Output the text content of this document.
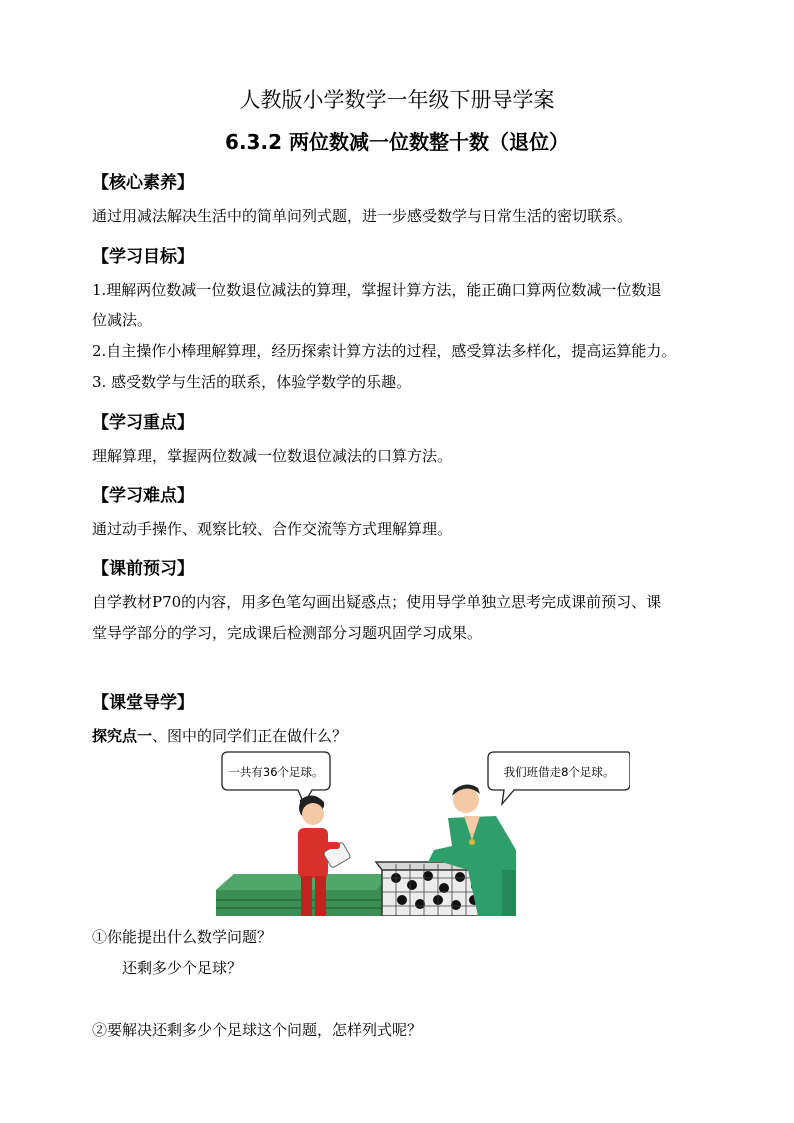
人教版小学数学一年级下册导学案
6.3.2 两位数减一位数整十数（退位）
【核心素养】
通过用减法解决生活中的简单问列式题，进一步感受数学与日常生活的密切联系。
【学习目标】
1.理解两位数减一位数退位减法的算理，掌握计算方法，能正确口算两位数减一位数退
位减法。
2.自主操作小棒理解算理，经历探索计算方法的过程，感受算法多样化，提高运算能力。
3. 感受数学与生活的联系，体验学数学的乐趣。
【学习重点】
理解算理，掌握两位数减一位数退位减法的口算方法。
【学习难点】
通过动手操作、观察比较、合作交流等方式理解算理。
【课前预习】
自学教材P70的内容，用多色笔勾画出疑惑点；使用导学单独立思考完成课前预习、课
堂导学部分的学习，完成课后检测部分习题巩固学习成果。
【课堂导学】
探究点一、图中的同学们正在做什么？
一共有36个足球。	我们班借走8个足球。
①你能提出什么数学问题？
还剩多少个足球？
②要解决还剩多少个足球这个问题，怎样列式呢？
